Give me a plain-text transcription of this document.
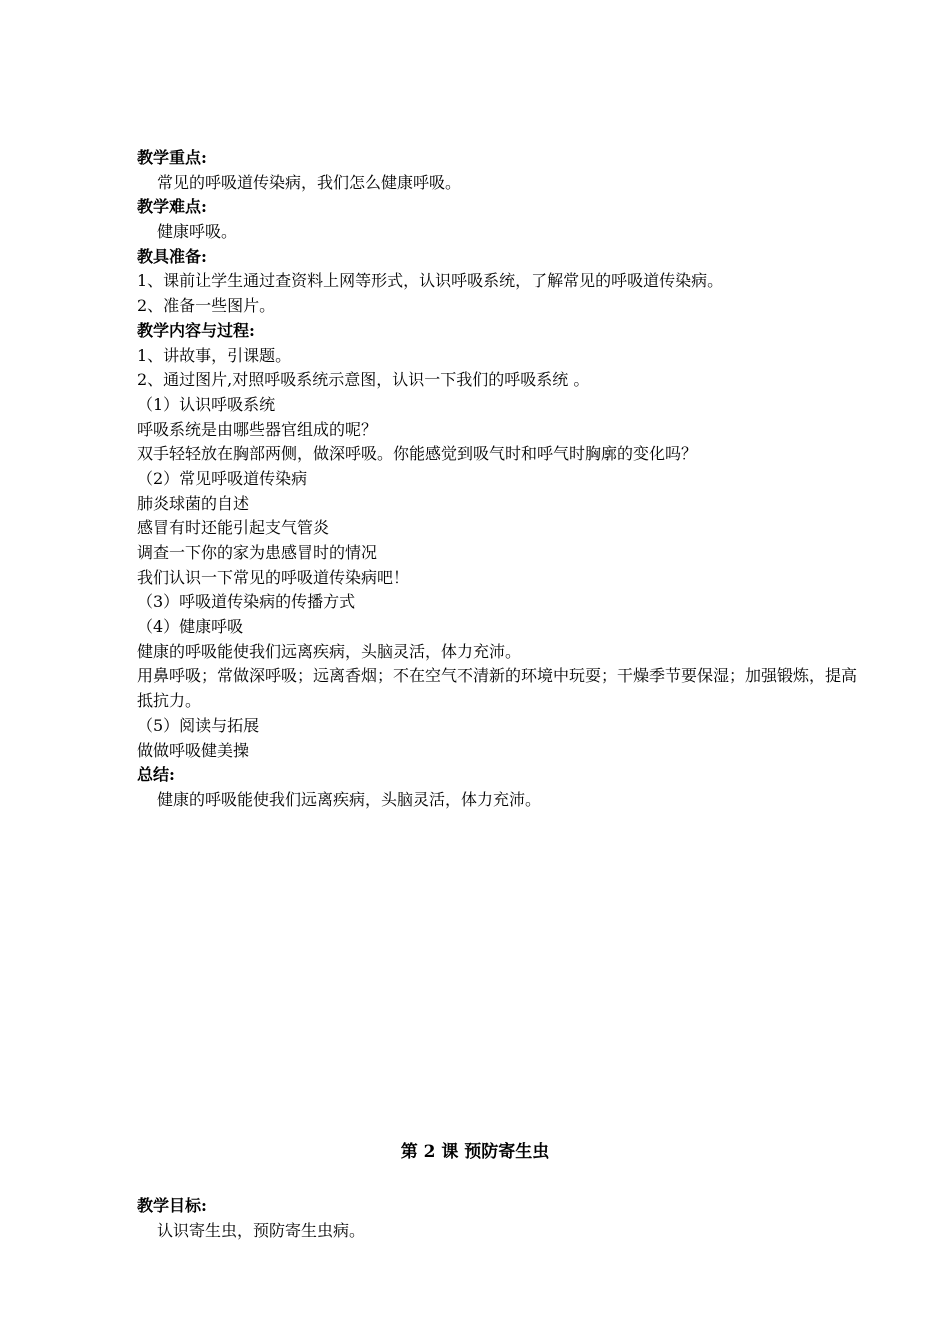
教学重点:
常见的呼吸道传染病，我们怎么健康呼吸。
教学难点:
健康呼吸。
教具准备:
1、课前让学生通过查资料上网等形式，认识呼吸系统，了解常见的呼吸道传染病。
2、准备一些图片。
教学内容与过程:
1、讲故事，引课题。
2、通过图片,对照呼吸系统示意图，认识一下我们的呼吸系统 。
（1）认识呼吸系统
呼吸系统是由哪些器官组成的呢？
双手轻轻放在胸部两侧，做深呼吸。你能感觉到吸气时和呼气时胸廓的变化吗？
（2）常见呼吸道传染病
肺炎球菌的自述
感冒有时还能引起支气管炎
调查一下你的家为患感冒时的情况
我们认识一下常见的呼吸道传染病吧！
（3）呼吸道传染病的传播方式
（4）健康呼吸
健康的呼吸能使我们远离疾病，头脑灵活，体力充沛。
用鼻呼吸；常做深呼吸；远离香烟；不在空气不清新的环境中玩耍；干燥季节要保湿；加强锻炼，提高抵抗力。
（5）阅读与拓展
做做呼吸健美操
总结:
健康的呼吸能使我们远离疾病，头脑灵活，体力充沛。
第 2 课 预防寄生虫
教学目标:
认识寄生虫，预防寄生虫病。
